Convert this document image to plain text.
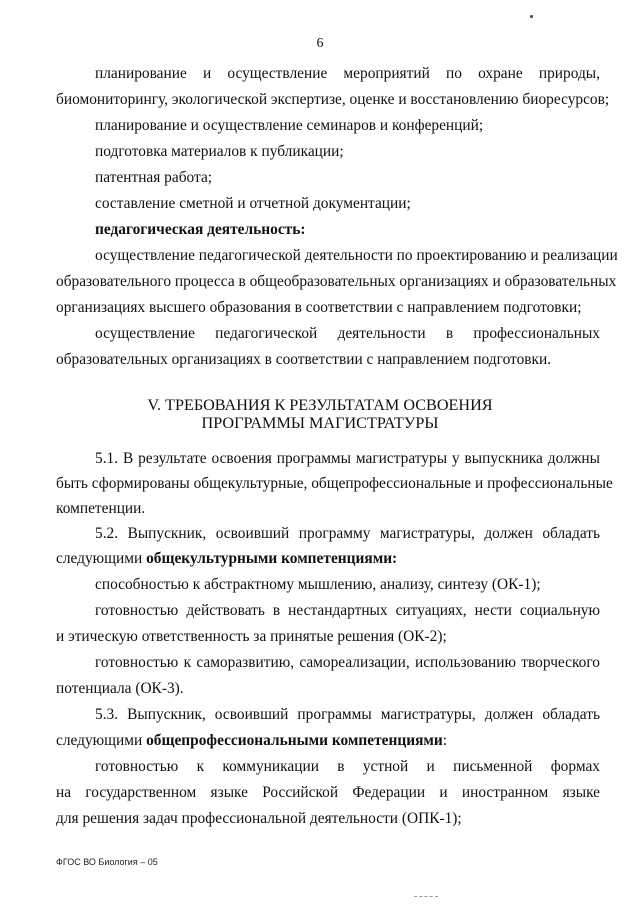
6
планирование и осуществление мероприятий по охране природы,
биомониторингу, экологической экспертизе, оценке и восстановлению биоресурсов;
планирование и осуществление семинаров и конференций;
подготовка материалов к публикации;
патентная работа;
составление сметной и отчетной документации;
педагогическая деятельность:
осуществление педагогической деятельности по проектированию и реализации
образовательного процесса в общеобразовательных организациях и образовательных
организациях высшего образования в соответствии с направлением подготовки;
осуществление педагогической деятельности в профессиональных
образовательных организациях в соответствии с направлением подготовки.
V. ТРЕБОВАНИЯ К РЕЗУЛЬТАТАМ ОСВОЕНИЯ
ПРОГРАММЫ МАГИСТРАТУРЫ
5.1. В результате освоения программы магистратуры у выпускника должны
быть сформированы общекультурные, общепрофессиональные и профессиональные
компетенции.
5.2. Выпускник, освоивший программу магистратуры, должен обладать
следующими общекультурными компетенциями:
способностью к абстрактному мышлению, анализу, синтезу (ОК-1);
готовностью действовать в нестандартных ситуациях, нести социальную
и этическую ответственность за принятые решения (ОК-2);
готовностью к саморазвитию, самореализации, использованию творческого
потенциала (ОК-3).
5.3. Выпускник, освоивший программы магистратуры, должен обладать
следующими общепрофессиональными компетенциями:
готовностью к коммуникации в устной и письменной формах
на государственном языке Российской Федерации и иностранном языке
для решения задач профессиональной деятельности (ОПК-1);
ФГОС ВО Биология – 05
